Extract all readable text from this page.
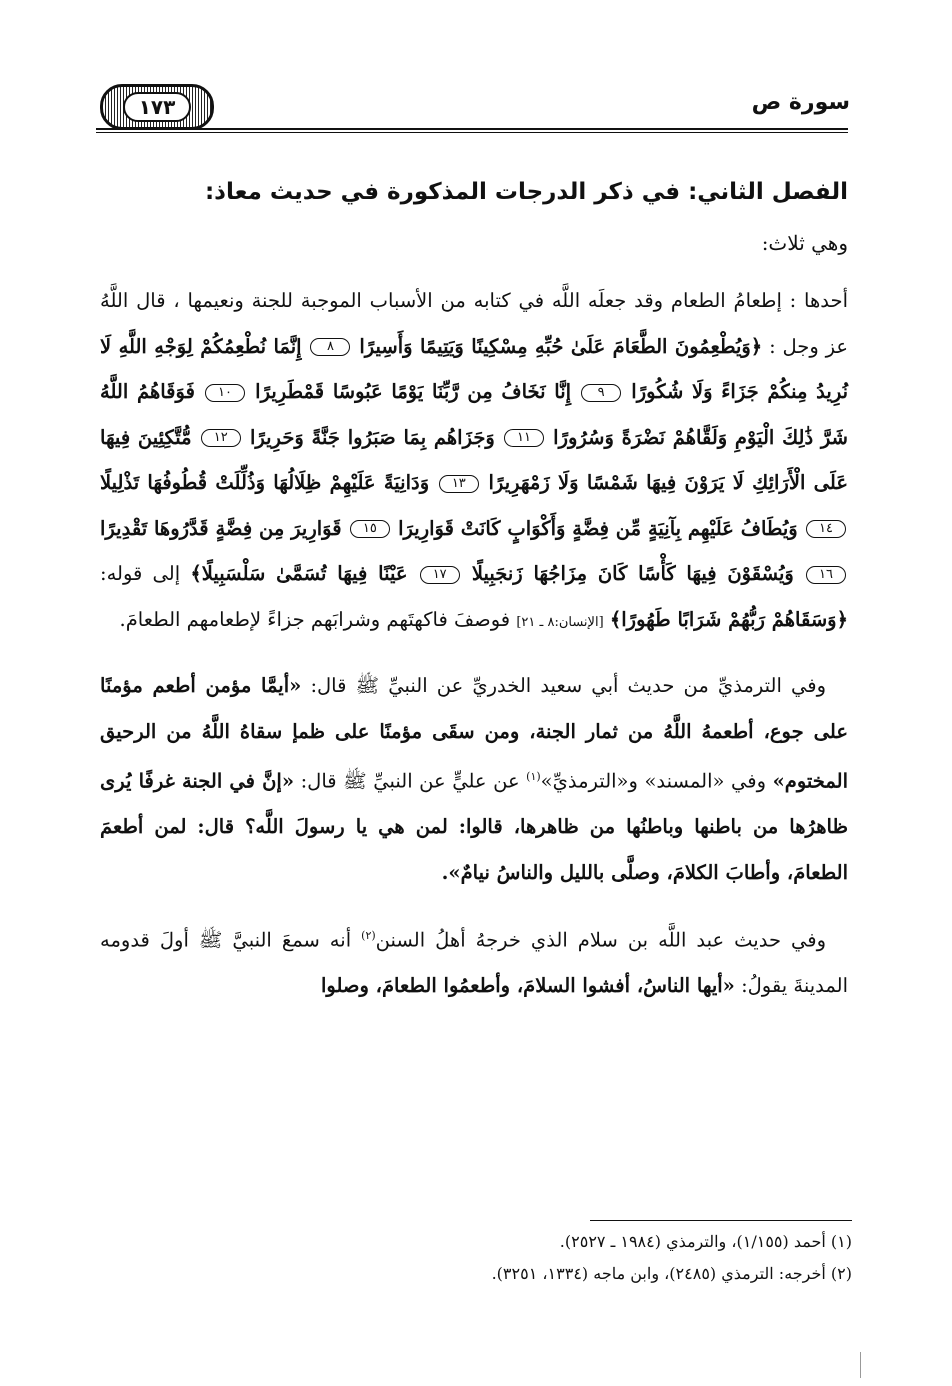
سورة ص
١٧٣
الفصل الثاني: في ذكر الدرجات المذكورة في حديث معاذ:
وهي ثلاث:

أحدها : إطعامُ الطعام وقد جعلَه اللَّه في كتابه من الأسباب الموجبة للجنة ونعيمها ، قال اللَّهُ عز وجل : ﴿وَيُطْعِمُونَ الطَّعَامَ عَلَىٰ حُبِّهِ مِسْكِينًا وَيَتِيمًا وَأَسِيرًا ٨ إِنَّمَا نُطْعِمُكُمْ لِوَجْهِ اللَّهِ لَا نُرِيدُ مِنكُمْ جَزَاءً وَلَا شُكُورًا ٩ إِنَّا نَخَافُ مِن رَّبِّنَا يَوْمًا عَبُوسًا قَمْطَرِيرًا ١٠ فَوَقَاهُمُ اللَّهُ شَرَّ ذَٰلِكَ الْيَوْمِ وَلَقَّاهُمْ نَضْرَةً وَسُرُورًا ١١ وَجَزَاهُم بِمَا صَبَرُوا جَنَّةً وَحَرِيرًا ١٢ مُّتَّكِئِينَ فِيهَا عَلَى الْأَرَائِكِ لَا يَرَوْنَ فِيهَا شَمْسًا وَلَا زَمْهَرِيرًا ١٣ وَدَانِيَةً عَلَيْهِمْ ظِلَالُهَا وَذُلِّلَتْ قُطُوفُهَا تَذْلِيلًا ١٤ وَيُطَافُ عَلَيْهِم بِآنِيَةٍ مِّن فِضَّةٍ وَأَكْوَابٍ كَانَتْ قَوَارِيرَا ١٥ قَوَارِيرَ مِن فِضَّةٍ قَدَّرُوهَا تَقْدِيرًا ١٦ وَيُسْقَوْنَ فِيهَا كَأْسًا كَانَ مِزَاجُهَا زَنجَبِيلًا ١٧ عَيْنًا فِيهَا تُسَمَّىٰ سَلْسَبِيلًا﴾ إلى قوله: ﴿وَسَقَاهُمْ رَبُّهُمْ شَرَابًا طَهُورًا﴾ [الإنسان:٨ ـ ٢١] فوصفَ فاكهتَهم وشرابَهم جزاءً لإطعامهم الطعامَ.

وفي الترمذيِّ من حديث أبي سعيد الخدريِّ عن النبيِّ ﷺ قال: «أيمَّا مؤمن أطعم مؤمنًا على جوع، أطعمهُ اللَّهُ من ثمار الجنة، ومن سقَى مؤمنًا على ظمإ سقاهُ اللَّهُ من الرحيق المختوم» وفي «المسند» و«الترمذيِّ»$^{(١)}$ عن عليٍّ عن النبيِّ ﷺ قال: «إنَّ في الجنة غرفًا يُرى ظاهرُها من باطنها وباطنُها من ظاهرها، قالوا: لمن هي يا رسولَ اللَّه؟ قال: لمن أطعمَ الطعامَ، وأطابَ الكلامَ، وصلَّى بالليل والناسُ نيامٌ».

وفي حديث عبد اللَّه بن سلام الذي خرجهُ أهلُ السنن$^{(٢)}$ أنه سمعَ النبيَّ ﷺ أولَ قدومه المدينةَ يقولُ: «أيها الناسُ، أفشوا السلامَ، وأطعمُوا الطعامَ، وصلوا

(١) أحمد (١/١٥٥)، والترمذي (١٩٨٤ ـ ٢٥٢٧).
(٢) أخرجه: الترمذي (٢٤٨٥)، وابن ماجه (١٣٣٤، ٣٢٥١).
